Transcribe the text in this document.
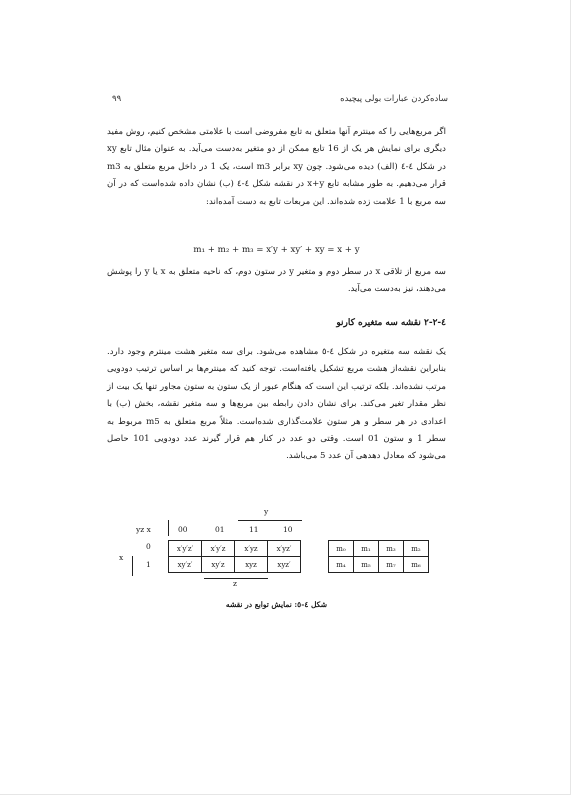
ساده‌کردن عبارات بولی پیچیده
۹۹
اگر مربع‌هایی را که مینترم آنها متعلق به تابع مفروضی است با علامتی مشخص کنیم، روش مفید دیگری برای نمایش هر یک از 16 تابع ممکن از دو متغیر به‌دست می‌آید. به عنوان مثال تابع xy در شکل ٤-٤ (الف) دیده می‌شود. چون xy برابر m3 است، یک 1 در داخل مربع متعلق به m3 قرار می‌دهیم. به طور مشابه تابع x+y در نقشه شکل ٤-٤ (ب) نشان داده شده‌است که در آن سه مربع با 1 علامت زده شده‌اند. این مربعات تابع به دست آمده‌اند:
m₁ + m₂ + m₃ = x′y + xy′ + xy = x + y
سه مربع از تلاقی x در سطر دوم و متغیر y در ستون دوم، که ناحیه متعلق به x یا y را پوشش می‌دهند، نیز به‌دست می‌آید.
٤-٢-٢ نقشه سه متغیره کارنو
یک نقشه سه متغیره در شکل ٤-٥ مشاهده می‌شود. برای سه متغیر هشت مینترم وجود دارد. بنابراین نقشه‌از هشت مربع تشکیل یافته‌است. توجه کنید که مینترم‌ها بر اساس ترتیب دودویی مرتب نشده‌اند. بلکه ترتیب این است که هنگام عبور از یک ستون به ستون مجاور تنها یک بیت از نظر مقدار تغیر می‌کند. برای نشان دادن رابطه بین مربع‌ها و سه متغیر نقشه، بخش (ب) با اعدادی در هر سطر و هر ستون علامت‌گذاری شده‌است. مثلاً مربع متعلق به m5 مربوط به سطر 1 و ستون 01 است. وقتی دو عدد در کنار هم قرار گیرند عدد دودویی 101 حاصل می‌شود که معادل دهدهی آن عدد 5 می‌باشد.
y
yz x	00	01	11	10
x
0
1
x′y′z′	x′y′z	x′yz	x′yz′
xy′z′	xy′z	xyz	xyz′
z
m₀	m₁	m₃	m₂
m₄	m₅	m₇	m₆
شکل ٤-٥: نمایش توابع در نقشه
